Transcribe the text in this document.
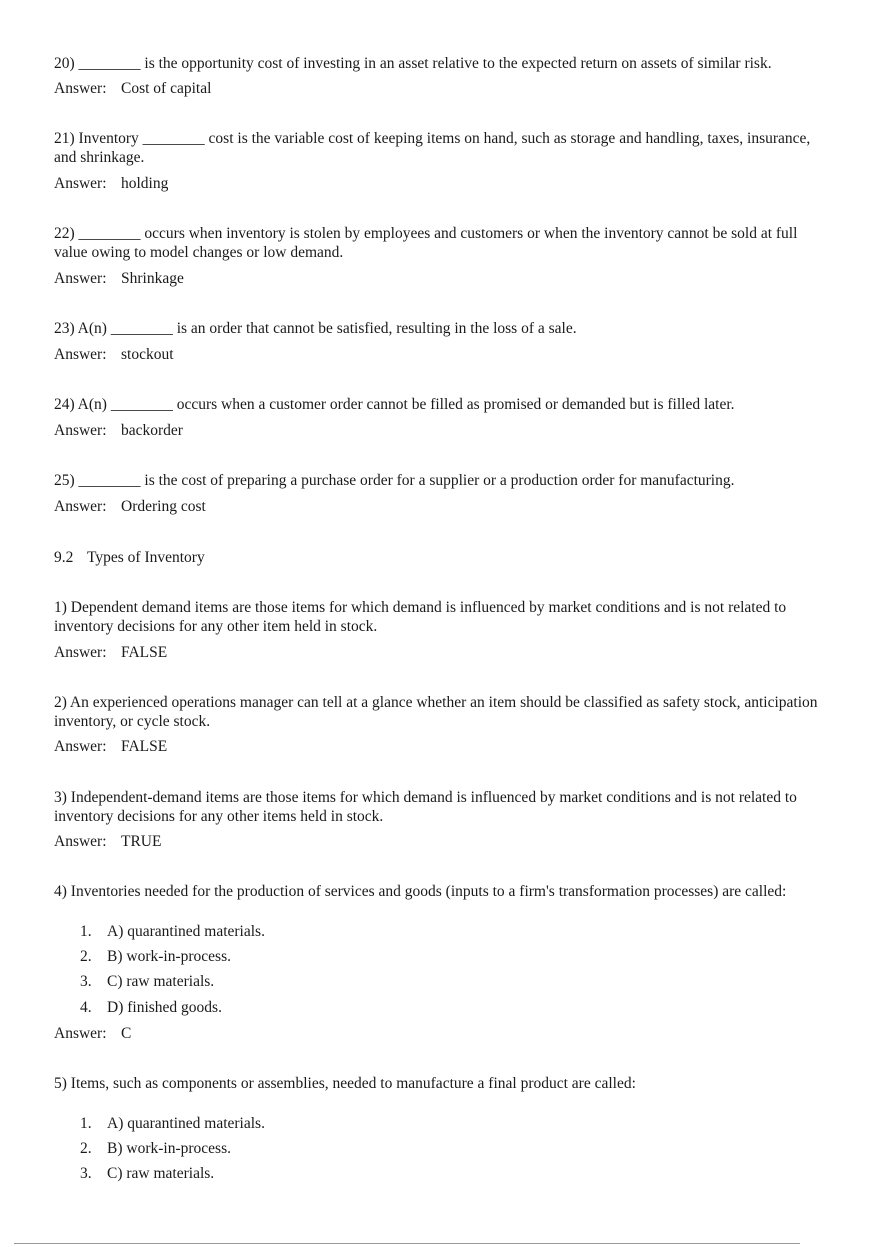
20) ________ is the opportunity cost of investing in an asset relative to the expected return on assets of similar risk.
Answer: Cost of capital
21) Inventory ________ cost is the variable cost of keeping items on hand, such as storage and handling, taxes, insurance, and shrinkage.
Answer: holding
22) ________ occurs when inventory is stolen by employees and customers or when the inventory cannot be sold at full value owing to model changes or low demand.
Answer: Shrinkage
23) A(n) ________ is an order that cannot be satisfied, resulting in the loss of a sale.
Answer: stockout
24) A(n) ________ occurs when a customer order cannot be filled as promised or demanded but is filled later.
Answer: backorder
25) ________ is the cost of preparing a purchase order for a supplier or a production order for manufacturing.
Answer: Ordering cost
9.2 Types of Inventory
1) Dependent demand items are those items for which demand is influenced by market conditions and is not related to inventory decisions for any other item held in stock.
Answer: FALSE
2) An experienced operations manager can tell at a glance whether an item should be classified as safety stock, anticipation inventory, or cycle stock.
Answer: FALSE
3) Independent-demand items are those items for which demand is influenced by market conditions and is not related to inventory decisions for any other items held in stock.
Answer: TRUE
4) Inventories needed for the production of services and goods (inputs to a firm's transformation processes) are called:
1. A) quarantined materials.
2. B) work-in-process.
3. C) raw materials.
4. D) finished goods.
Answer: C
5) Items, such as components or assemblies, needed to manufacture a final product are called:
1. A) quarantined materials.
2. B) work-in-process.
3. C) raw materials.
